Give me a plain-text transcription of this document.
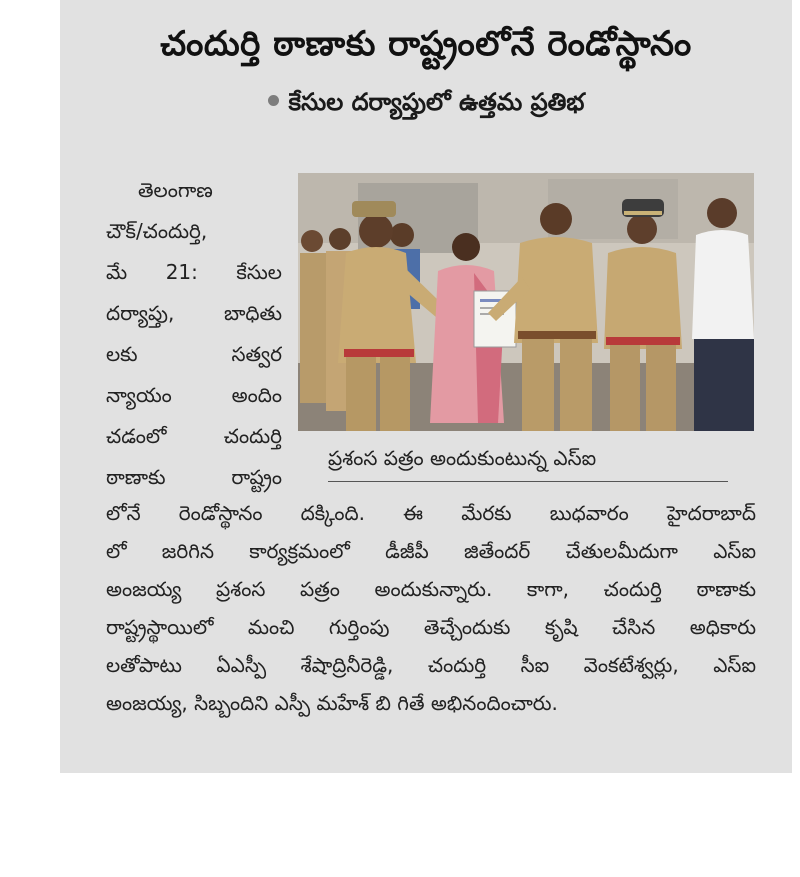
చందుర్తి ఠాణాకు రాష్ట్రంలోనే రెండోస్థానం
కేసుల దర్యాప్తులో ఉత్తమ ప్రతిభ
తెలంగాణ
చౌక్‌/చందుర్తి,
మే 21: కేసుల
దర్యాప్తు, బాధితు
లకు సత్వర
న్యాయం అందిం
చడంలో చందుర్తి
ఠాణాకు రాష్ట్రం
ప్రశంస పత్రం అందుకుంటున్న ఎస్‌ఐ
లోనే రెండోస్థానం దక్కింది. ఈ మేరకు బుధవారం హైదరాబాద్‌
లో జరిగిన కార్యక్రమంలో డీజీపీ జితేందర్‌ చేతులమీదుగా ఎస్‌ఐ
అంజయ్య ప్రశంస పత్రం అందుకున్నారు. కాగా, చందుర్తి ఠాణాకు
రాష్ట్రస్థాయిలో మంచి గుర్తింపు తెచ్చేందుకు కృషి చేసిన అధికారు
లతోపాటు ఏఎస్పీ శేషాద్రినీరెడ్డి, చందుర్తి సీఐ వెంకటేశ్వర్లు, ఎస్‌ఐ
అంజయ్య, సిబ్బందిని ఎస్పీ మహేశ్‌ బి గితే అభినందించారు.
